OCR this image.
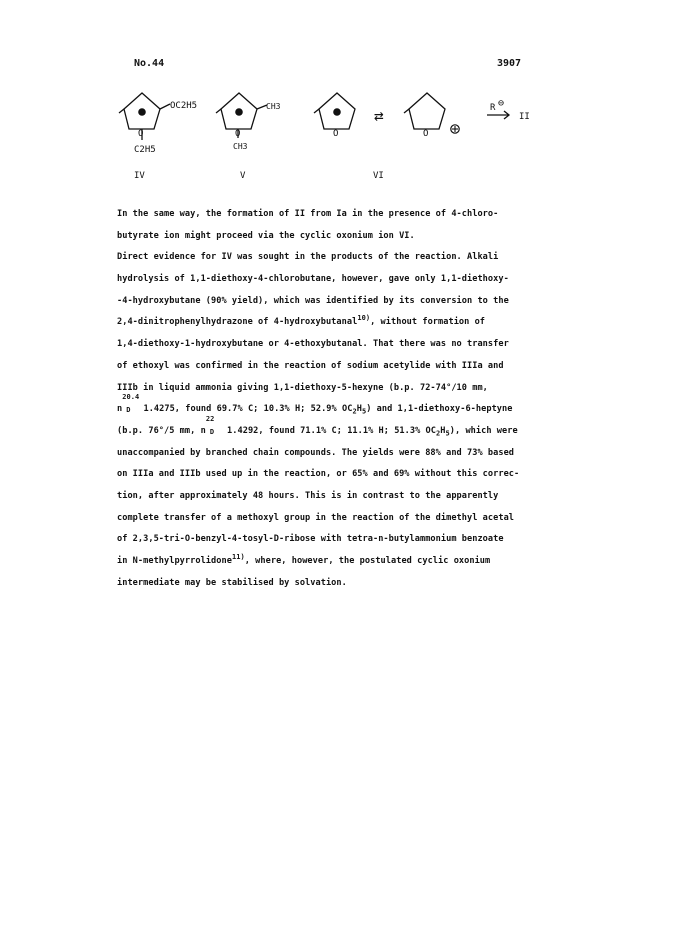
No.44	3907
O	O	O	O
OC2H5
C2H5
CH3
CH3
⇄	R ⊖
II
IV	V	VI
In the same way, the formation of II from Ia in the presence of 4-chloro-
butyrate ion might proceed via the cyclic oxonium ion VI.
Direct evidence for IV was sought in the products of the reaction. Alkali
hydrolysis of 1,1-diethoxy-4-chlorobutane, however, gave only 1,1-diethoxy-
-4-hydroxybutane (90% yield), which was identified by its conversion to the
2,4-dinitrophenylhydrazone of 4-hydroxybutanal$^{10)}$, without formation of
1,4-diethoxy-1-hydroxybutane or 4-ethoxybutanal. That there was no transfer
of ethoxyl was confirmed in the reaction of sodium acetylide with IIIa and
IIIb in liquid ammonia giving 1,1-diethoxy-5-hexyne (b.p. 72-74°/10 mm,
n
20.4
D 1.4275, found 69.7% C; 10.3% H; 52.9% $OC_2H_5$) and 1,1-diethoxy-6-heptyne
(b.p. 76°/5 mm, n
22
D 1.4292, found 71.1% C; 11.1% H; 51.3% $OC_2H_5$), which were
unaccompanied by branched chain compounds. The yields were 88% and 73% based
on IIIa and IIIb used up in the reaction, or 65% and 69% without this correc-
tion, after approximately 48 hours. This is in contrast to the apparently
complete transfer of a methoxyl group in the reaction of the dimethyl acetal
of 2,3,5-tri-O-benzyl-4-tosyl-D-ribose with tetra-n-butylammonium benzoate
in N-methylpyrrolidone$^{11)}$, where, however, the postulated cyclic oxonium
intermediate may be stabilised by solvation.
